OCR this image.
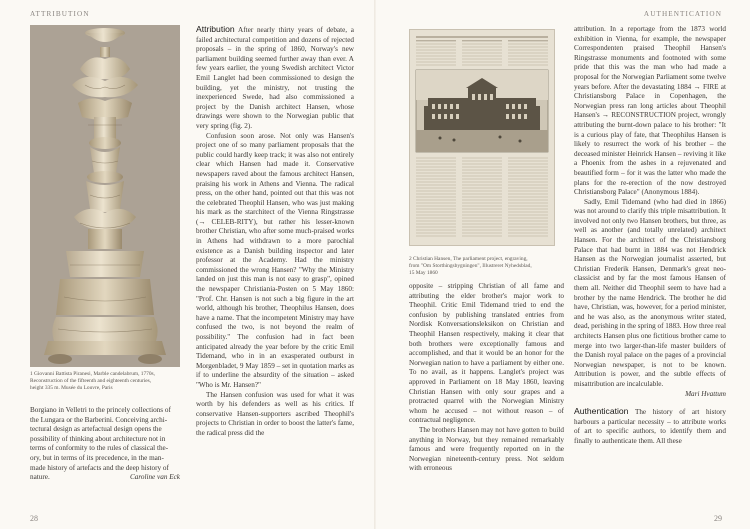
ATTRIBUTION	AUTHENTICATION
1 Giovanni Battista Piranesi, Marble candelabrum, 1770s,
Reconstruction of the fifteenth and eighteenth centuries,
height 335 m. Musée du Louvre, Paris

Borgiano in Velletri to the princely collections of
the Lungara or the Barberini. Conceiving archi-
tectural design as artefactual design opens the
possibility of thinking about architecture not in
terms of conformity to the rules of classical the-
ory, but in terms of its precedence, in the man-
made history of artefacts and the deep history of

nature.	Caroline van Eck

Attribution After nearly thirty years of debate, a failed architectural competition and dozens of rejected proposals – in the spring of 1860, Norway's new parliament building seemed further away than ever. A few years earlier, the young Swedish architect Victor Emil Langlet had been commissioned to design the building, yet the ministry, not trusting the inexperienced Swede, had also commissioned a project by the Danish architect Hansen, whose drawings were shown to the Norwegian public that very spring (fig. 2).

Confusion soon arose. Not only was Hansen's project one of so many parliament proposals that the public could hardly keep track; it was also not entirely clear which Hansen had made it. Conservative newspapers raved about the famous architect Hansen, praising his work in Athens and Vienna. The radical press, on the other hand, pointed out that this was not the celebrated Theophil Hansen, who was just making his mark as the starchitect of the Vienna Ringstrasse (→ CELEB-RITY), but rather his lesser-known brother Christian, who after some much-praised works in Athens had withdrawn to a more parochial existence as a Danish building inspector and later professor at the Academy. Had the ministry commissioned the wrong Hansen? "Why the Ministry landed on just this man is not easy to grasp", opined the newspaper Christiania-Posten on 5 May 1860: "Prof. Chr. Hansen is not such a big figure in the art world, although his brother, Theophilus Hansen, does have a name. That the incompetent Ministry may have confused the two, is not beyond the realm of possibility." The confusion had in fact been anticipated already the year before by the critic Emil Tidemand, who in in an exasperated outburst in Morgenbladet, 9 May 1859 – set in quotation marks as if to underline the absurdity of the situation – asked "Who is Mr. Hansen?"

The Hansen confusion was used for what it was worth by his defenders as well as his critics. If conservative Hansen-supporters ascribed Theophil's projects to Christian in order to boost the latter's fame, the radical press did the

28
2 Christian Hansen, The parliament project, engraving,
from "Om Storthingsbygningen", Illustreret Nyhedsblad,
15 May 1860

opposite – stripping Christian of all fame and attributing the elder brother's major work to Theophil. Critic Emil Tidemand tried to end the confusion by publishing translated entries from Nordisk Konversationsleksikon on Christian and Theophil Hansen respectively, making it clear that both brothers were exceptionally famous and accomplished, and that it would be an honor for the Norwegian nation to have a parliament by either one. To no avail, as it happens. Langlet's project was approved in Parliament on 18 May 1860, leaving Christian Hansen with only sour grapes and a protracted quarrel with the Norwegian Ministry whom he accused – not without reason – of contractual negligence.

The brothers Hansen may not have gotten to build anything in Norway, but they remained remarkably famous and were frequently reported on in the Norwegian nineteenth-century press. Not seldom with erroneous

attribution. In a reportage from the 1873 world exhibition in Vienna, for example, the newspaper Correspondenten praised Theophil Hansen's Ringstrasse monuments and footnoted with some pride that this was the man who had made a proposal for the Norwegian Parliament some twelve years before. After the devastating 1884 → FIRE at Christiansborg Palace in Copenhagen, the Norwegian press ran long articles about Theophil Hansen's → RECONSTRUCTION project, wrongly attributing the burnt-down palace to his brother: "It is a curious play of fate, that Theophilus Hansen is likely to resurrect the work of his brother – the deceased minister Heinrick Hansen – reviving it like a Phoenix from the ashes in a rejuvenated and beautified form – for it was the latter who made the plans for the re-erection of the now destroyed Christiansborg Palace" (Anonymous 1884).

Sadly, Emil Tidemand (who had died in 1866) was not around to clarify this triple misattribution. It involved not only two Hansen brothers, but three, as well as another (and totally unrelated) architect Hansen. For the architect of the Christiansborg Palace that had burnt in 1884 was not Hendrick Hansen as the Norwegian journalist asserted, but Christian Frederik Hansen, Denmark's great neo-classicist and by far the most famous Hansen of them all. Neither did Theophil seem to have had a brother by the name Hendrick. The brother he did have, Christian, was, however, for a period minister, and he was also, as the anonymous writer stated, dead, perishing in the spring of 1883. How three real architects Hansen plus one fictitious brother came to merge into two larger-than-life master builders of the Danish royal palace on the pages of a provincial Norwegian newspaper, is not to be known. Attribution is power, and the subtle effects of misattribution are incalculable.

Mari Hvattum

Authentication The history of art history harbours a particular necessity – to attribute works of art to specific authors, to identify them and finally to authenticate them. All these

29
